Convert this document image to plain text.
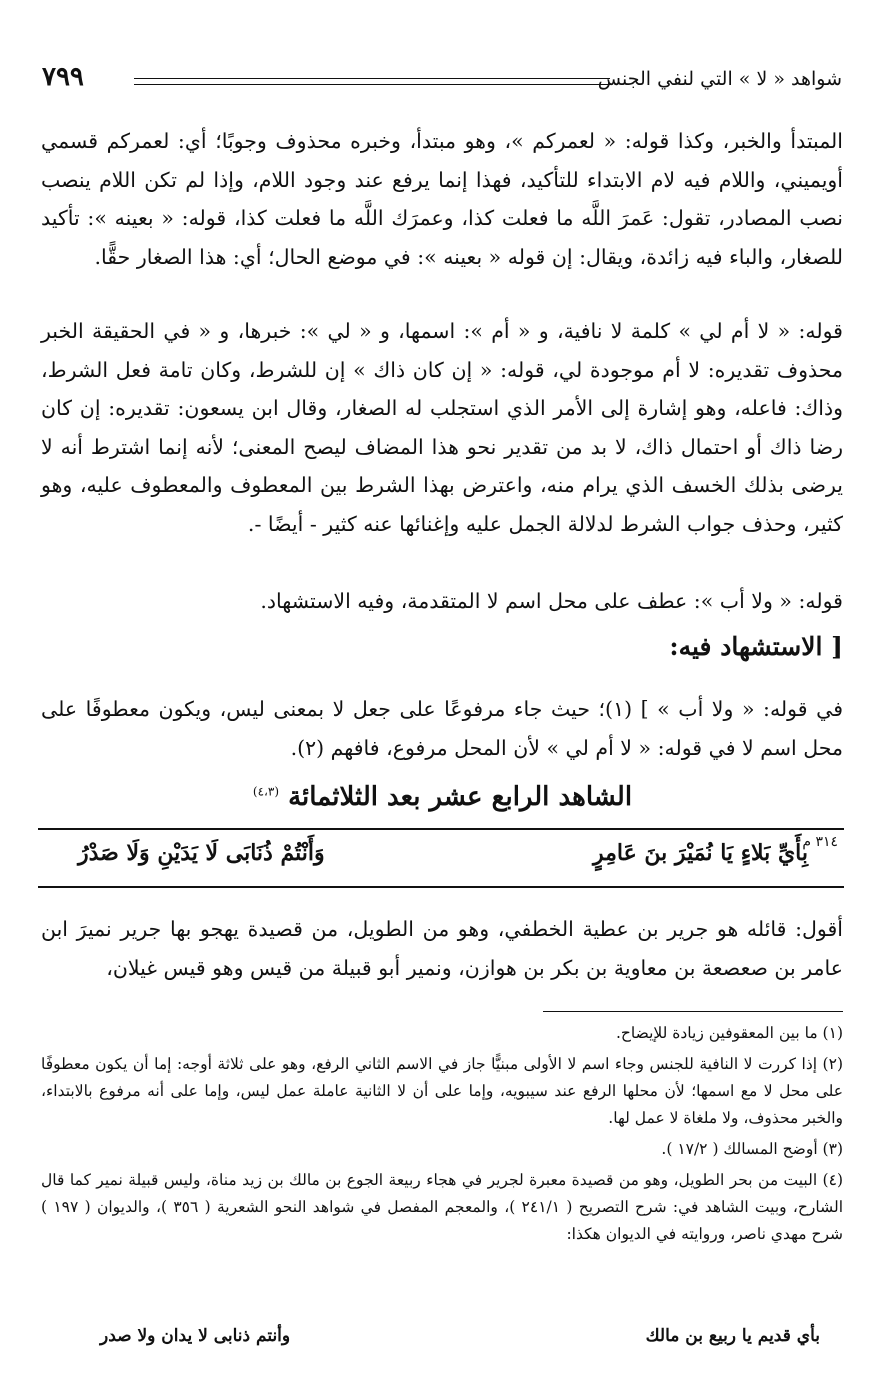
شواهد « لا » التي لنفي الجنس
٧٩٩

المبتدأ والخبر، وكذا قوله: « لعمركم »، وهو مبتدأ، وخبره محذوف وجوبًا؛ أي: لعمركم قسمي أويميني، واللام فيه لام الابتداء للتأكيد، فهذا إنما يرفع عند وجود اللام، وإذا لم تكن اللام ينصب نصب المصادر، تقول: عَمرَ اللَّه ما فعلت كذا، وعمرَك اللَّه ما فعلت كذا، قوله: « بعينه »: تأكيد للصغار، والباء فيه زائدة، ويقال: إن قوله « بعينه »: في موضع الحال؛ أي: هذا الصغار حقًّا.

قوله: « لا أم لي » كلمة لا نافية، و « أم »: اسمها، و « لي »: خبرها، و « في الحقيقة الخبر محذوف تقديره: لا أم موجودة لي، قوله: « إن كان ذاك » إن للشرط، وكان تامة فعل الشرط، وذاك: فاعله، وهو إشارة إلى الأمر الذي استجلب له الصغار، وقال ابن يسعون: تقديره: إن كان رضا ذاك أو احتمال ذاك، لا بد من تقدير نحو هذا المضاف ليصح المعنى؛ لأنه إنما اشترط أنه لا يرضى بذلك الخسف الذي يرام منه، واعترض بهذا الشرط بين المعطوف والمعطوف عليه، وهو كثير، وحذف جواب الشرط لدلالة الجمل عليه وإغنائها عنه كثير - أيضًا -.

قوله: « ولا أب »: عطف على محل اسم لا المتقدمة، وفيه الاستشهاد.

[ الاستشهاد فيه:

في قوله: « ولا أب » ] (١)؛ حيث جاء مرفوعًا على جعل لا بمعنى ليس، ويكون معطوفًا على محل اسم لا في قوله: « لا أم لي » لأن المحل مرفوع، فافهم (٢).

الشاهد الرابع عشر بعد الثلاثمائة $^{(٤،٣)}$
٣١٤ م
بِأَيِّ بَلاءٍ يَا نُمَيْرَ بنَ عَامِرٍ
وَأَنْتُمْ ذُنَابَى لَا يَدَيْنِ وَلَا صَدْرُ

أقول: قائله هو جرير بن عطية الخطفي، وهو من الطويل، من قصيدة يهجو بها جرير نميرَ ابن عامر بن صعصعة بن معاوية بن بكر بن هوازن، ونمير أبو قبيلة من قيس وهو قيس غيلان،

(١) ما بين المعقوفين زيادة للإيضاح.

(٢) إذا كررت لا النافية للجنس وجاء اسم لا الأولى مبنيًّا جاز في الاسم الثاني الرفع، وهو على ثلاثة أوجه: إما أن يكون معطوفًا على محل لا مع اسمها؛ لأن محلها الرفع عند سيبويه، وإما على أن لا الثانية عاملة عمل ليس، وإما على أنه مرفوع بالابتداء، والخبر محذوف، ولا ملغاة لا عمل لها.

(٣) أوضح المسالك ( ١٧/٢ ).

(٤) البيت من بحر الطويل، وهو من قصيدة معبرة لجرير في هجاء ربيعة الجوع بن مالك بن زيد مناة، وليس قبيلة نمير كما قال الشارح، وبيت الشاهد في: شرح التصريح ( ٢٤١/١ )، والمعجم المفصل في شواهد النحو الشعرية ( ٣٥٦ )، والديوان ( ١٩٧ ) شرح مهدي ناصر، وروايته في الديوان هكذا:

بأي قديم يا ربيع بن مالك
وأنتم ذنابى لا يدان ولا صدر
